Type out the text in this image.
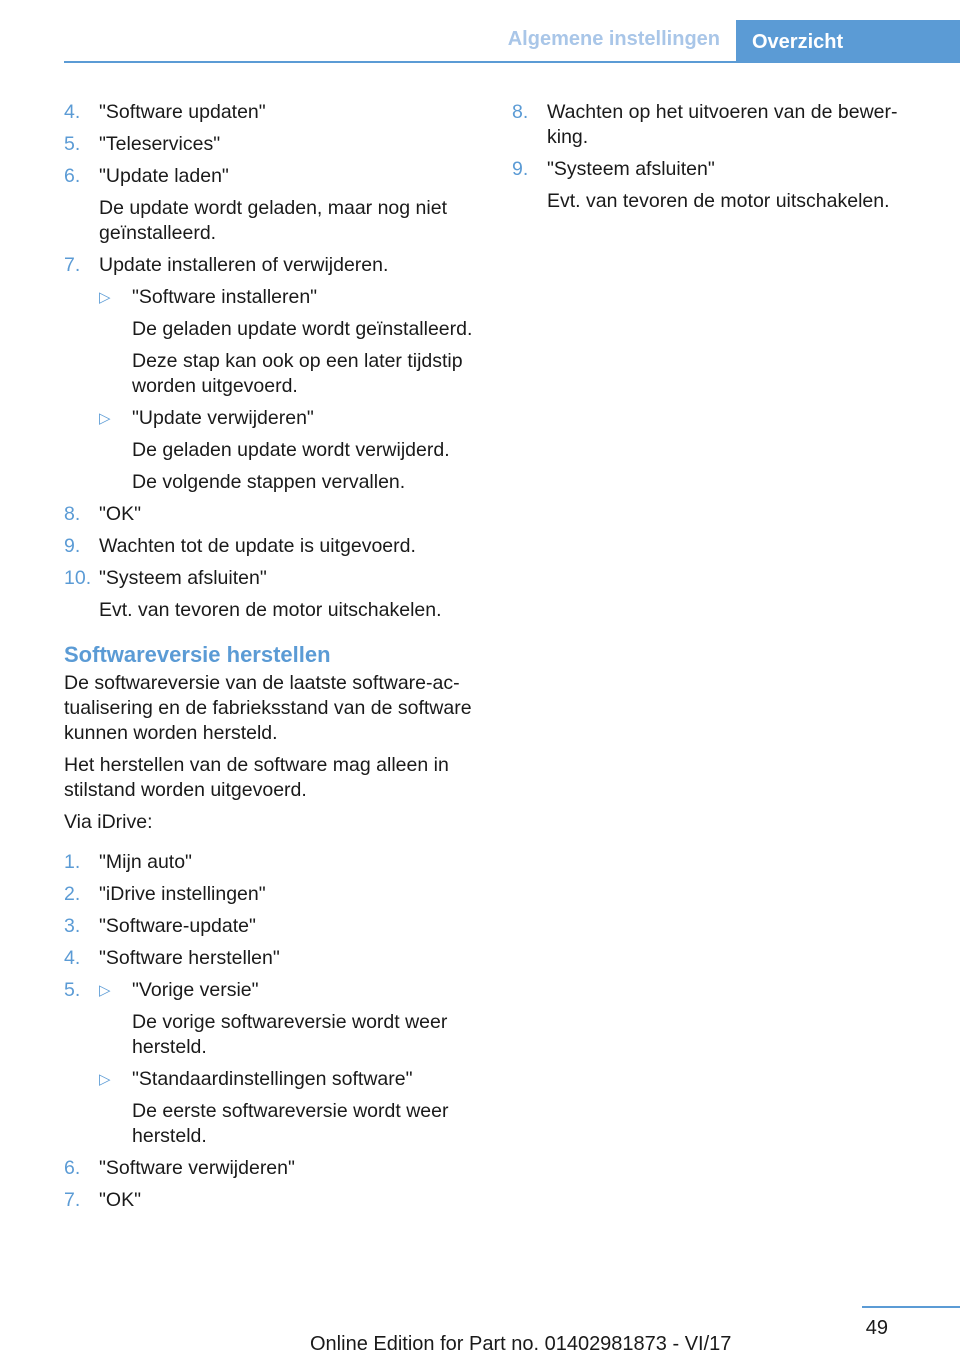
Algemene instellingen	Overzicht
4. "Software updaten"

5. "Teleservices"

6. "Update laden"

De update wordt geladen, maar nog niet geïnstalleerd.

7. Update installeren of verwijderen.

▷	"Software installeren"

De geladen update wordt geïnstalleerd.

Deze stap kan ook op een later tijdstip worden uitgevoerd.

▷	"Update verwijderen"

De geladen update wordt verwijderd.

De volgende stappen vervallen.

8. "OK"

9. Wachten tot de update is uitgevoerd.

10. "Systeem afsluiten"

Evt. van tevoren de motor uitschakelen.

Softwareversie herstellen

De softwareversie van de laatste software-actualisering en de fabrieksstand van de software kunnen worden hersteld.

Het herstellen van de software mag alleen in stilstand worden uitgevoerd.

Via iDrive:

1. "Mijn auto"

2. "iDrive instellingen"

3. "Software-update"

4. "Software herstellen"

5.	▷	"Vorige versie"

De vorige softwareversie wordt weer hersteld.

▷	"Standaardinstellingen software"

De eerste softwareversie wordt weer hersteld.

6. "Software verwijderen"

7. "OK"

8. Wachten op het uitvoeren van de bewerking.

9. "Systeem afsluiten"

Evt. van tevoren de motor uitschakelen.

49
Online Edition for Part no. 01402981873 - VI/17
